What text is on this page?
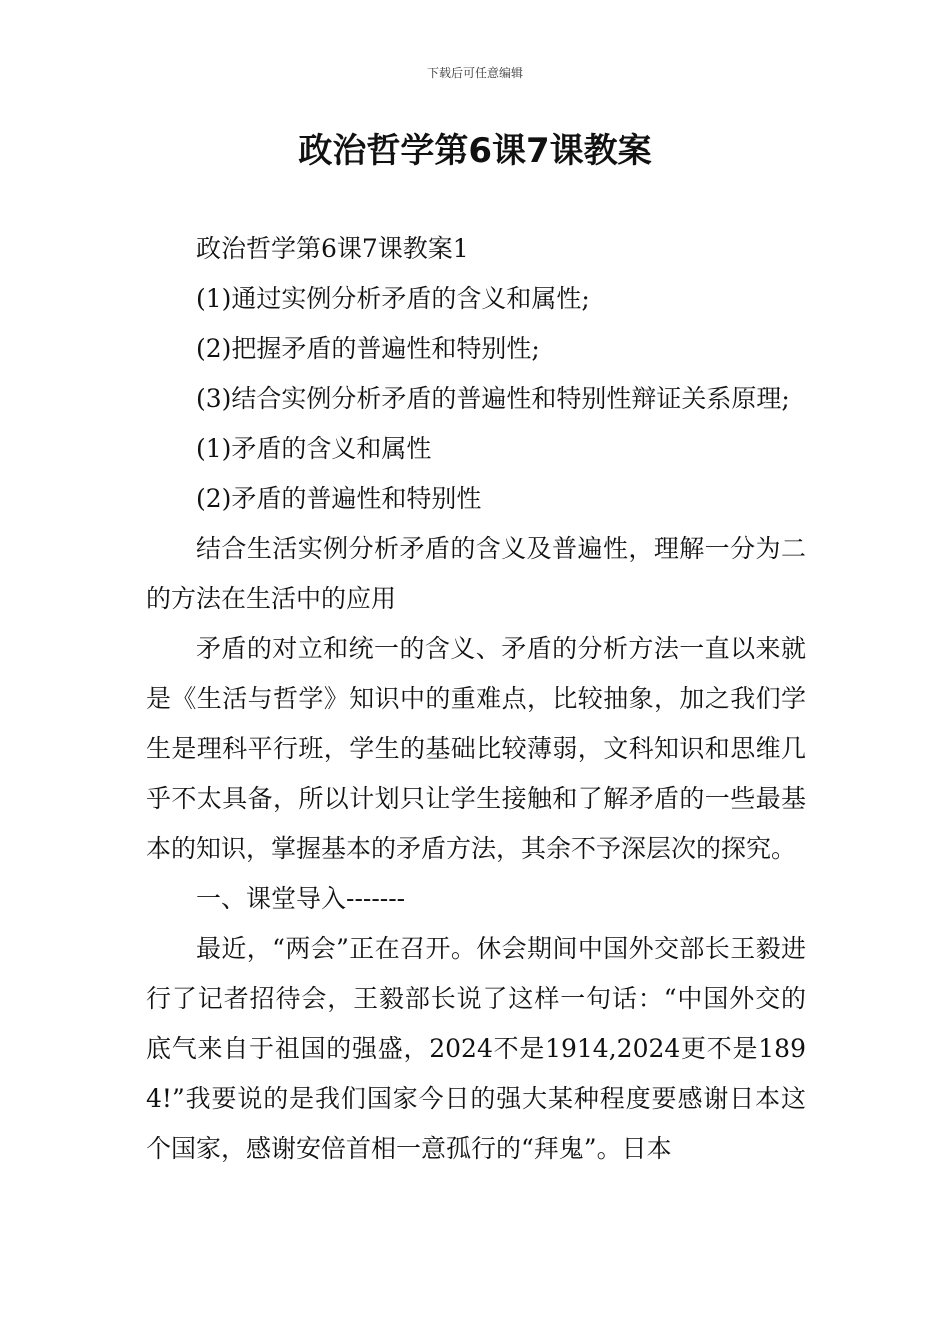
下载后可任意编辑
政治哲学第6课7课教案

政治哲学第6课7课教案1

(1)通过实例分析矛盾的含义和属性;

(2)把握矛盾的普遍性和特别性;

(3)结合实例分析矛盾的普遍性和特别性辩证关系原理;

(1)矛盾的含义和属性

(2)矛盾的普遍性和特别性

结合生活实例分析矛盾的含义及普遍性，理解一分为二的方法在生活中的应用

矛盾的对立和统一的含义、矛盾的分析方法一直以来就是《生活与哲学》知识中的重难点，比较抽象，加之我们学生是理科平行班，学生的基础比较薄弱，文科知识和思维几乎不太具备，所以计划只让学生接触和了解矛盾的一些最基本的知识，掌握基本的矛盾方法，其余不予深层次的探究。

一、课堂导入-------

最近，“两会”正在召开。休会期间中国外交部长王毅进行了记者招待会，王毅部长说了这样一句话：“中国外交的底气来自于祖国的强盛，2024不是1914,2024更不是1894!”我要说的是我们国家今日的强大某种程度要感谢日本这个国家，感谢安倍首相一意孤行的“拜鬼”。日本
